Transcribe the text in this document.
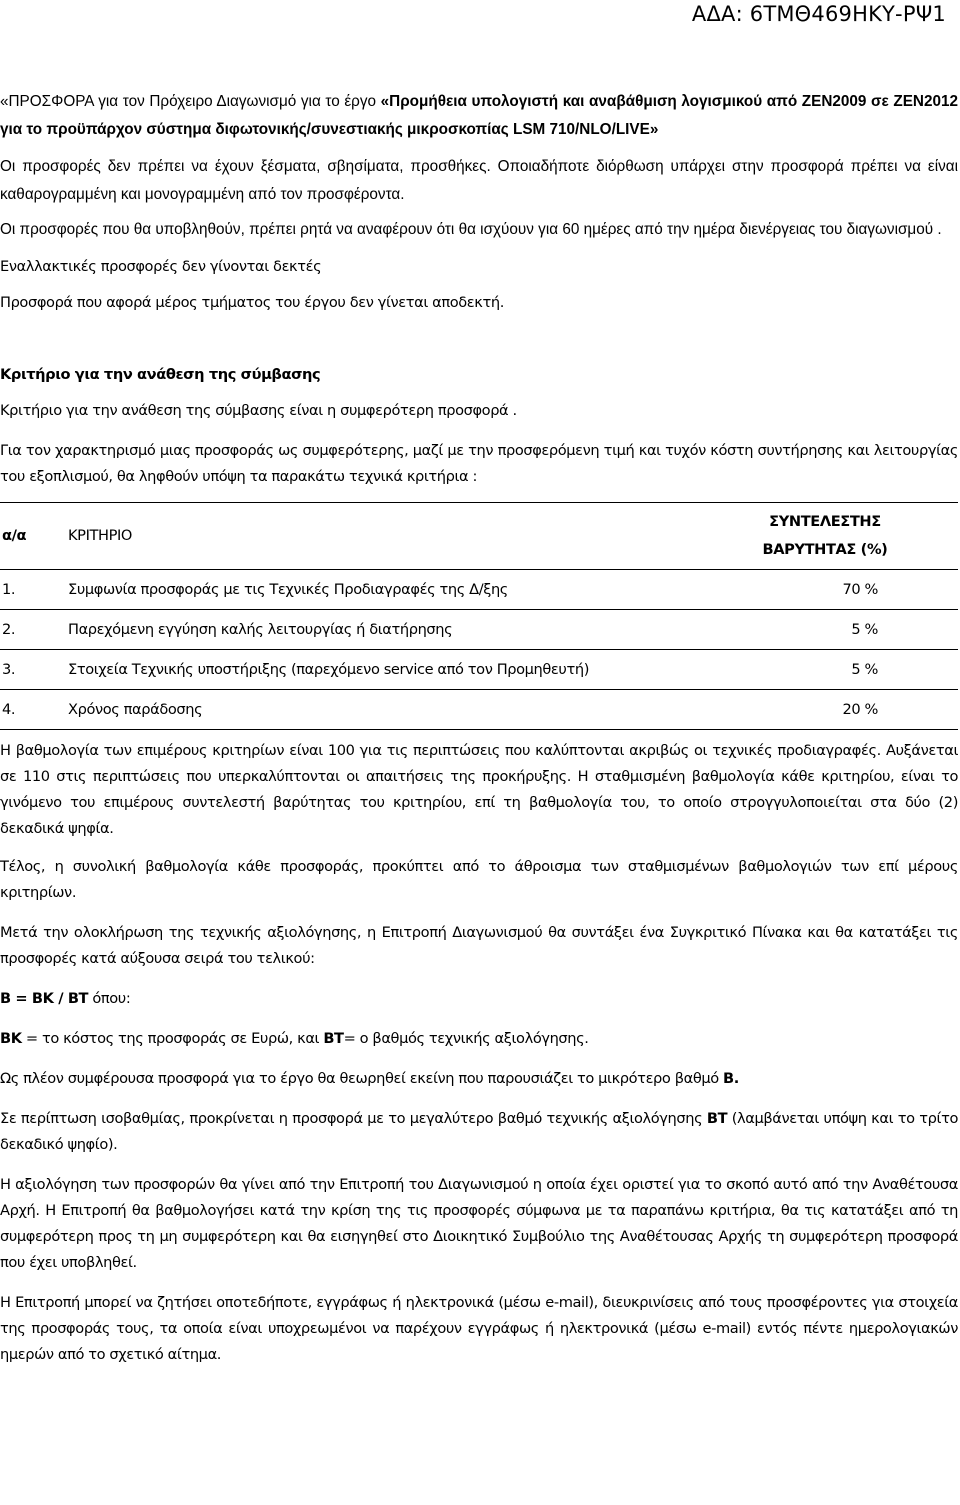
ΑΔΑ: 6ΤΜΘ469ΗΚΥ-ΡΨ1

«ΠΡΟΣΦΟΡΑ για τον Πρόχειρο Διαγωνισμό για το έργο «Προμήθεια υπολογιστή και αναβάθμιση λογισμικού από ΖΕΝ2009 σε ΖΕΝ2012 για το προϋπάρχον σύστημα διφωτονικής/συνεστιακής μικροσκοπίας LSM 710/NLO/LIVE»

Οι προσφορές δεν πρέπει να έχουν ξέσματα, σβησίματα, προσθήκες. Οποιαδήποτε διόρθωση υπάρχει στην προσφορά πρέπει να είναι καθαρογραμμένη και μονογραμμένη από τον προσφέροντα.

Οι προσφορές που θα υποβληθούν, πρέπει ρητά να αναφέρουν ότι θα ισχύουν για 60 ημέρες από την ημέρα διενέργειας του διαγωνισμού .

Εναλλακτικές προσφορές δεν γίνονται δεκτές

Προσφορά που αφορά μέρος τμήματος του έργου δεν γίνεται αποδεκτή.

Κριτήριο για την ανάθεση της σύμβασης

Κριτήριο για την ανάθεση της σύμβασης είναι η συμφερότερη προσφορά .

Για τον χαρακτηρισμό μιας προσφοράς ως συμφερότερης, μαζί με την προσφερόμενη τιμή και τυχόν κόστη συντήρησης και λειτουργίας του εξοπλισμού, θα ληφθούν υπόψη τα παρακάτω τεχνικά κριτήρια :

α/α	ΚΡΙΤΗΡΙΟ	ΣΥΝΤΕΛΕΣΤΗΣ
ΒΑΡΥΤΗΤΑΣ (%)
1.	Συμφωνία προσφοράς με τις Τεχνικές Προδιαγραφές της Δ/ξης	70 %
2.	Παρεχόμενη εγγύηση καλής λειτουργίας ή διατήρησης	5 %
3.	Στοιχεία Τεχνικής υποστήριξης (παρεχόμενο service από τον Προμηθευτή)	5 %
4.	Χρόνος παράδοσης	20 %

Η βαθμολογία των επιμέρους κριτηρίων είναι 100 για τις περιπτώσεις που καλύπτονται ακριβώς οι τεχνικές προδιαγραφές. Αυξάνεται σε 110 στις περιπτώσεις που υπερκαλύπτονται οι απαιτήσεις της προκήρυξης. Η σταθμισμένη βαθμολογία κάθε κριτηρίου, είναι το γινόμενο του επιμέρους συντελεστή βαρύτητας του κριτηρίου, επί τη βαθμολογία του, το οποίο στρογγυλοποιείται στα δύο (2) δεκαδικά ψηφία.

Τέλος, η συνολική βαθμολογία κάθε προσφοράς, προκύπτει από το άθροισμα των σταθμισμένων βαθμολογιών των επί μέρους κριτηρίων.

Μετά την ολοκλήρωση της τεχνικής αξιολόγησης, η Επιτροπή Διαγωνισμού θα συντάξει ένα Συγκριτικό Πίνακα και θα κατατάξει τις προσφορές κατά αύξουσα σειρά του τελικού:

Β = ΒΚ / ΒΤ όπου:

ΒΚ = το κόστος της προσφοράς σε Ευρώ, και ΒΤ= ο βαθμός τεχνικής αξιολόγησης.

Ως πλέον συμφέρουσα προσφορά για το έργο θα θεωρηθεί εκείνη που παρουσιάζει το μικρότερο βαθμό Β.

Σε περίπτωση ισοβαθμίας, προκρίνεται η προσφορά με το μεγαλύτερο βαθμό τεχνικής αξιολόγησης ΒΤ (λαμβάνεται υπόψη και το τρίτο δεκαδικό ψηφίο).

Η αξιολόγηση των προσφορών θα γίνει από την Επιτροπή του Διαγωνισμού η οποία έχει οριστεί για το σκοπό αυτό από την Αναθέτουσα Αρχή. Η Επιτροπή θα βαθμολογήσει κατά την κρίση της τις προσφορές σύμφωνα με τα παραπάνω κριτήρια, θα τις κατατάξει από τη συμφερότερη προς τη μη συμφερότερη και θα εισηγηθεί στο Διοικητικό Συμβούλιο της Αναθέτουσας Αρχής τη συμφερότερη προσφορά που έχει υποβληθεί.

Η Επιτροπή μπορεί να ζητήσει οποτεδήποτε, εγγράφως ή ηλεκτρονικά (μέσω e-mail), διευκρινίσεις από τους προσφέροντες για στοιχεία της προσφοράς τους, τα οποία είναι υποχρεωμένοι να παρέχουν εγγράφως ή ηλεκτρονικά (μέσω e-mail) εντός πέντε ημερολογιακών ημερών από το σχετικό αίτημα.
